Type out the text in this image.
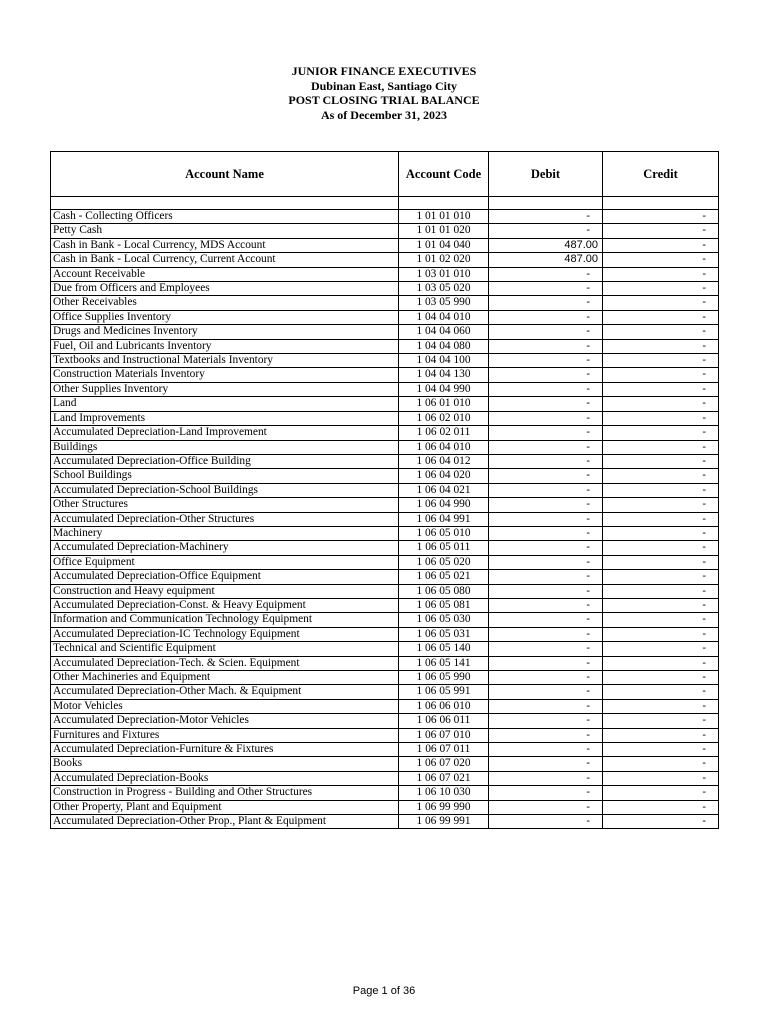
JUNIOR FINANCE EXECUTIVES
Dubinan East, Santiago City
POST CLOSING TRIAL BALANCE
As of December 31, 2023
Account Name	Account Code	Debit	Credit

Cash - Collecting Officers	1 01 01 010	-	-
Petty Cash	1 01 01 020	-	-
Cash in Bank - Local Currency, MDS Account	1 01 04 040	487.00	-
Cash in Bank - Local Currency, Current Account	1 01 02 020	487.00	-
Account Receivable	1 03 01 010	-	-
Due from Officers and Employees	1 03 05 020	-	-
Other Receivables	1 03 05 990	-	-
Office Supplies Inventory	1 04 04 010	-	-
Drugs and Medicines Inventory	1 04 04 060	-	-
Fuel, Oil and Lubricants Inventory	1 04 04 080	-	-
Textbooks and Instructional Materials Inventory	1 04 04 100	-	-
Construction Materials Inventory	1 04 04 130	-	-
Other Supplies Inventory	1 04 04 990	-	-
Land	1 06 01 010	-	-
Land Improvements	1 06 02 010	-	-
Accumulated Depreciation-Land Improvement	1 06 02 011	-	-
Buildings	1 06 04 010	-	-
Accumulated Depreciation-Office Building	1 06 04 012	-	-
School Buildings	1 06 04 020	-	-
Accumulated Depreciation-School Buildings	1 06 04 021	-	-
Other Structures	1 06 04 990	-	-
Accumulated Depreciation-Other Structures	1 06 04 991	-	-
Machinery	1 06 05 010	-	-
Accumulated Depreciation-Machinery	1 06 05 011	-	-
Office Equipment	1 06 05 020	-	-
Accumulated Depreciation-Office Equipment	1 06 05 021	-	-
Construction and Heavy equipment	1 06 05 080	-	-
Accumulated Depreciation-Const. & Heavy Equipment	1 06 05 081	-	-
Information and Communication Technology Equipment	1 06 05 030	-	-
Accumulated Depreciation-IC Technology Equipment	1 06 05 031	-	-
Technical and Scientific Equipment	1 06 05 140	-	-
Accumulated Depreciation-Tech. & Scien. Equipment	1 06 05 141	-	-
Other Machineries and Equipment	1 06 05 990	-	-
Accumulated Depreciation-Other Mach. & Equipment	1 06 05 991	-	-
Motor Vehicles	1 06 06 010	-	-
Accumulated Depreciation-Motor Vehicles	1 06 06 011	-	-
Furnitures and Fixtures	1 06 07 010	-	-
Accumulated Depreciation-Furniture & Fixtures	1 06 07 011	-	-
Books	1 06 07 020	-	-
Accumulated Depreciation-Books	1 06 07 021	-	-
Construction in Progress - Building and Other Structures	1 06 10 030	-	-
Other Property, Plant and Equipment	1 06 99 990	-	-
Accumulated Depreciation-Other Prop., Plant & Equipment	1 06 99 991	-	-
Page 1 of 36
